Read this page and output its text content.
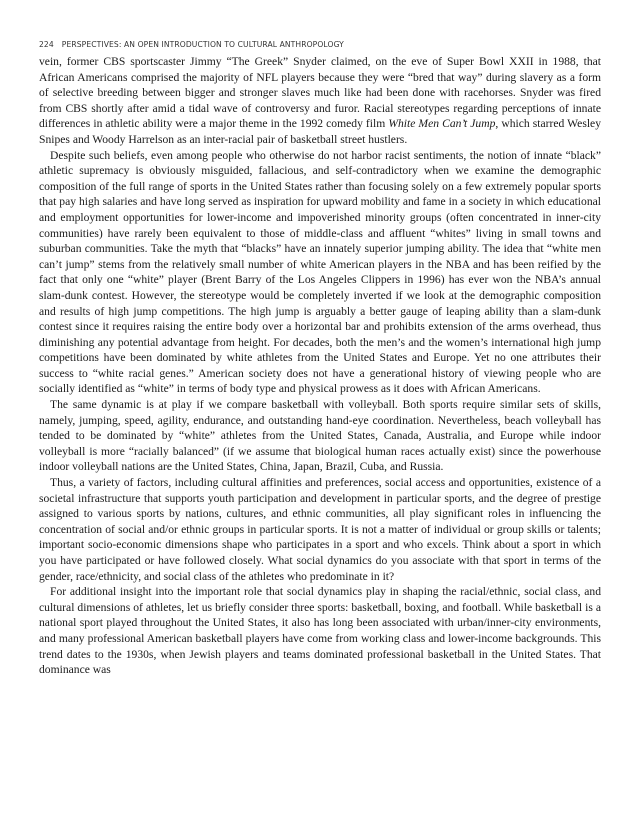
224 PERSPECTIVES: AN OPEN INTRODUCTION TO CULTURAL ANTHROPOLOGY

vein, former CBS sportscaster Jimmy “The Greek” Snyder claimed, on the eve of Super Bowl XXII in 1988, that African Americans comprised the majority of NFL players because they were “bred that way” during slavery as a form of selective breeding between bigger and stronger slaves much like had been done with racehorses. Snyder was fired from CBS shortly after amid a tidal wave of controversy and furor. Racial stereotypes regarding perceptions of innate differences in athletic ability were a major theme in the 1992 comedy film White Men Can’t Jump, which starred Wesley Snipes and Woody Harrelson as an inter-racial pair of basketball street hustlers.

Despite such beliefs, even among people who otherwise do not harbor racist sentiments, the notion of innate “black” athletic supremacy is obviously misguided, fallacious, and self-contradictory when we examine the demographic composition of the full range of sports in the United States rather than focusing solely on a few extremely popular sports that pay high salaries and have long served as inspiration for upward mobility and fame in a society in which educational and employment opportunities for lower-income and impoverished minority groups (often concentrated in inner-city communities) have rarely been equivalent to those of middle-class and affluent “whites” living in small towns and suburban communities. Take the myth that “blacks” have an innately superior jumping ability. The idea that “white men can’t jump” stems from the relatively small number of white American players in the NBA and has been reified by the fact that only one “white” player (Brent Barry of the Los Angeles Clippers in 1996) has ever won the NBA’s annual slam-dunk contest. However, the stereotype would be completely inverted if we look at the demographic composition and results of high jump competitions. The high jump is arguably a better gauge of leaping ability than a slam-dunk contest since it requires raising the entire body over a horizontal bar and prohibits extension of the arms overhead, thus diminishing any potential advantage from height. For decades, both the men’s and the women’s international high jump competitions have been dominated by white athletes from the United States and Europe. Yet no one attributes their success to “white racial genes.” American society does not have a generational history of viewing people who are socially identified as “white” in terms of body type and physical prowess as it does with African Americans.

The same dynamic is at play if we compare basketball with volleyball. Both sports require similar sets of skills, namely, jumping, speed, agility, endurance, and outstanding hand-eye coordination. Nevertheless, beach volleyball has tended to be dominated by “white” athletes from the United States, Canada, Australia, and Europe while indoor volleyball is more “racially balanced” (if we assume that biological human races actually exist) since the powerhouse indoor volleyball nations are the United States, China, Japan, Brazil, Cuba, and Russia.

Thus, a variety of factors, including cultural affinities and preferences, social access and opportunities, existence of a societal infrastructure that supports youth participation and development in particular sports, and the degree of prestige assigned to various sports by nations, cultures, and ethnic communities, all play significant roles in influencing the concentration of social and/or ethnic groups in particular sports. It is not a matter of individual or group skills or talents; important socio-economic dimensions shape who participates in a sport and who excels. Think about a sport in which you have participated or have followed closely. What social dynamics do you associate with that sport in terms of the gender, race/ethnicity, and social class of the athletes who predominate in it?

For additional insight into the important role that social dynamics play in shaping the racial/ethnic, social class, and cultural dimensions of athletes, let us briefly consider three sports: basketball, boxing, and football. While basketball is a national sport played throughout the United States, it also has long been associated with urban/inner-city environments, and many professional American basketball players have come from working class and lower-income backgrounds. This trend dates to the 1930s, when Jewish players and teams dominated professional basketball in the United States. That dominance was
